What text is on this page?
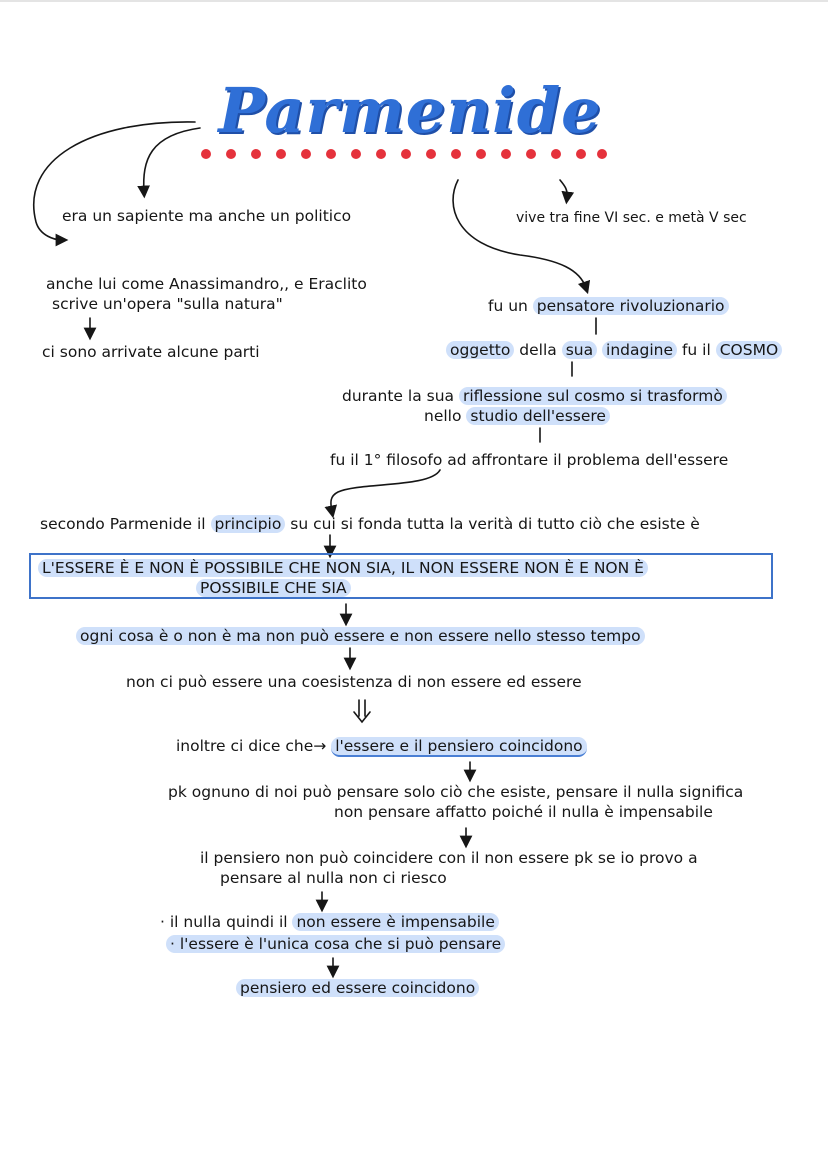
Parmenide
era un sapiente ma anche un politico
anche lui come Anassimandro,, e Eraclito
scrive un'opera "sulla natura"
ci sono arrivate alcune parti
vive tra fine VI sec. e metà V sec
fu un pensatore rivoluzionario
oggetto della sua indagine fu il COSMO
durante la sua riflessione sul cosmo si trasformò
nello studio dell'essere
fu il 1° filosofo ad affrontare il problema dell'essere
secondo Parmenide il principio su cui si fonda tutta la verità di tutto ciò che esiste è
L'ESSERE È E NON È POSSIBILE CHE NON SIA, IL NON ESSERE NON È E NON È
POSSIBILE CHE SIA
ogni cosa è o non è ma non può essere e non essere nello stesso tempo
non ci può essere una coesistenza di non essere ed essere
inoltre ci dice che→ l'essere e il pensiero coincidono
pk ognuno di noi può pensare solo ciò che esiste, pensare il nulla significa
non pensare affatto poiché il nulla è impensabile
il pensiero non può coincidere con il non essere pk se io provo a
pensare al nulla non ci riesco
· il nulla quindi il non essere è impensabile
· l'essere è l'unica cosa che si può pensare
pensiero ed essere coincidono
